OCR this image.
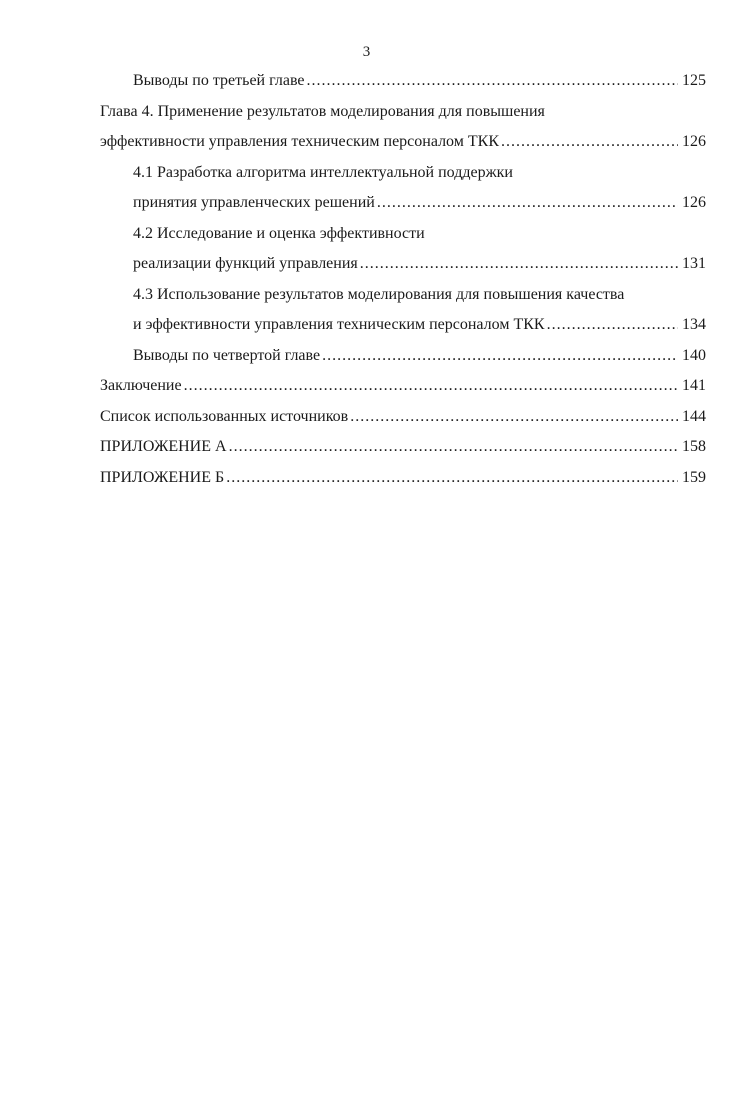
3
Выводы по третьей главе .....	125
Глава 4. Применение результатов моделирования для повышения
эффективности управления техническим персоналом ТКК .....	126
4.1 Разработка алгоритма интеллектуальной поддержки
принятия управленческих решений .....	126
4.2 Исследование и оценка эффективности
реализации функций управления .....	131
4.3 Использование результатов моделирования для повышения качества
и эффективности управления техническим персоналом ТКК .....	134
Выводы по четвертой главе .....	140
Заключение .....	141
Список использованных источников .....	144
ПРИЛОЖЕНИЕ А .....	158
ПРИЛОЖЕНИЕ Б .....	159
